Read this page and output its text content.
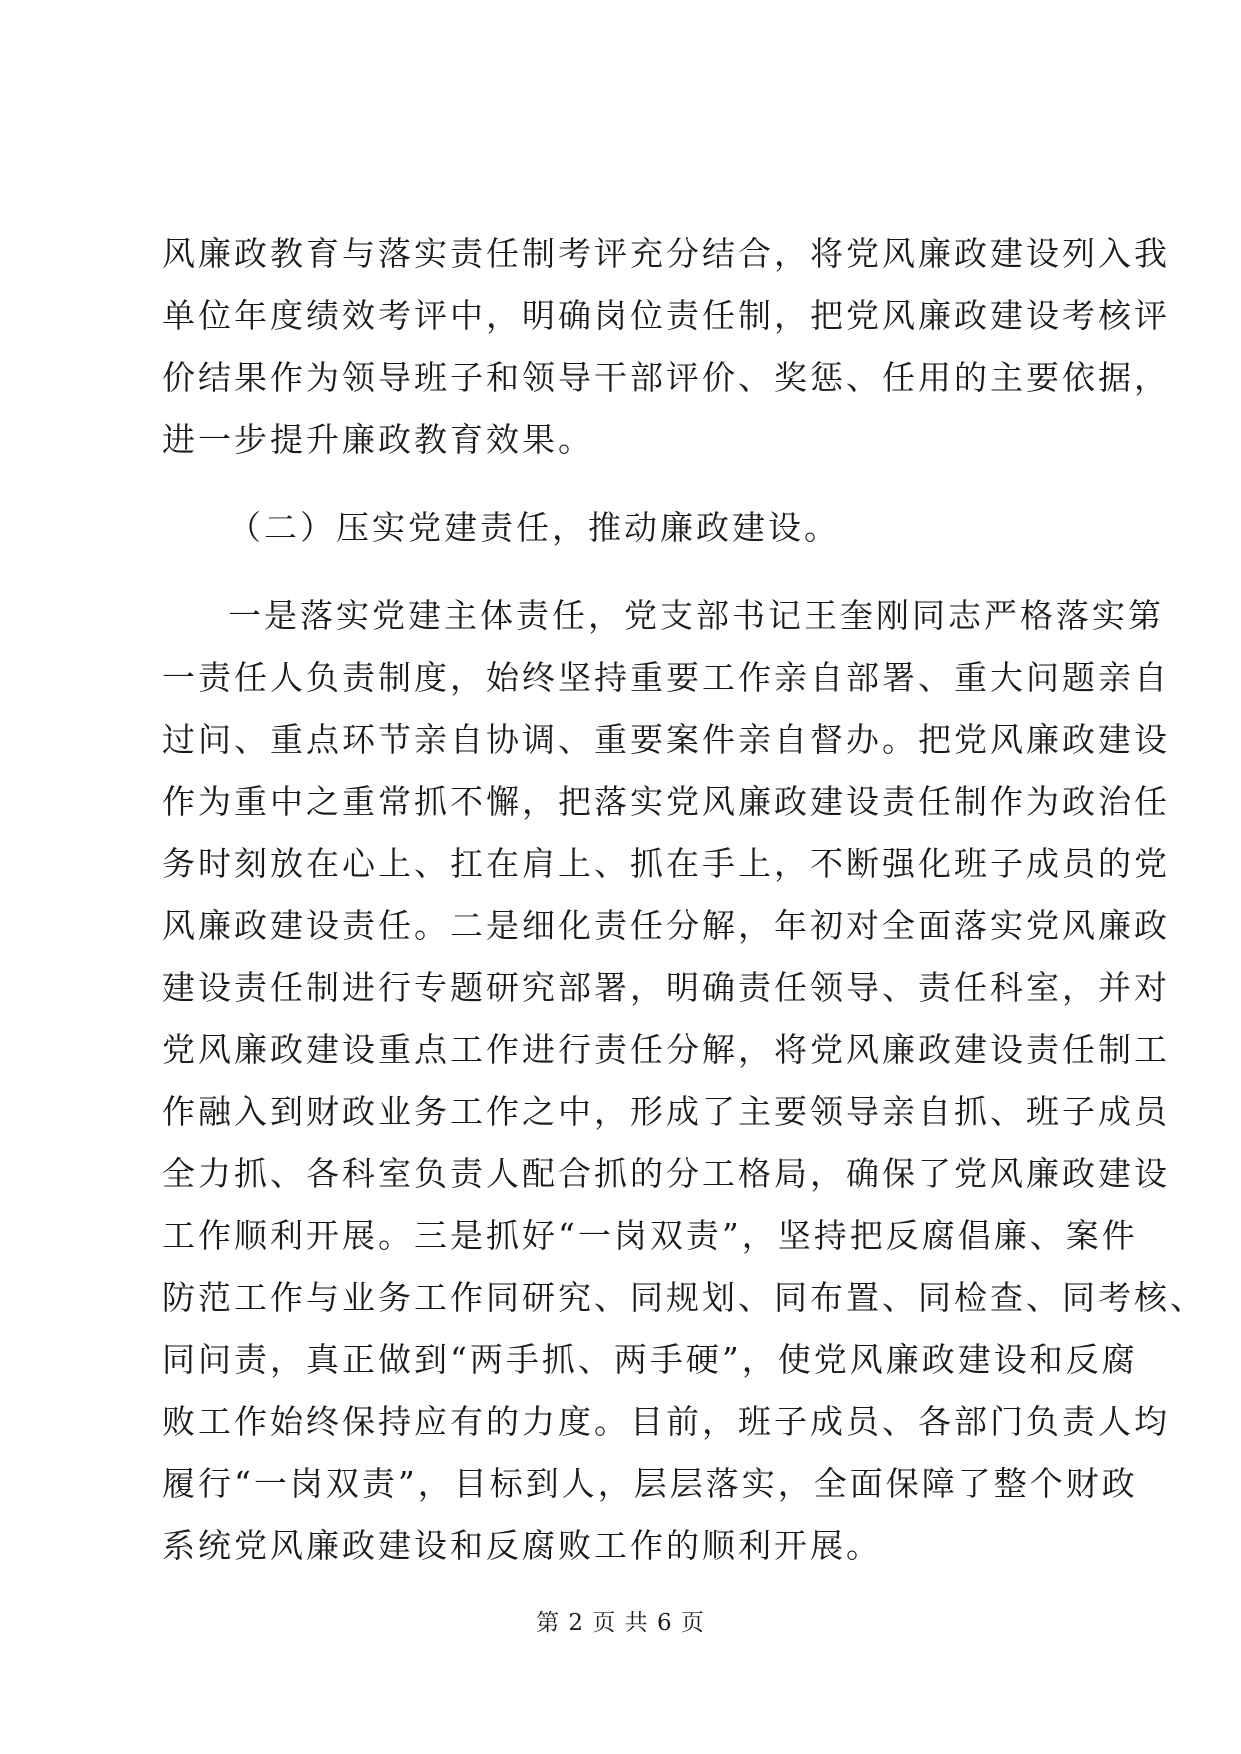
风廉政教育与落实责任制考评充分结合，将党风廉政建设列入我
单位年度绩效考评中，明确岗位责任制，把党风廉政建设考核评
价结果作为领导班子和领导干部评价、奖惩、任用的主要依据，
进一步提升廉政教育效果。
（二）压实党建责任，推动廉政建设。
一是落实党建主体责任，党支部书记王奎刚同志严格落实第
一责任人负责制度，始终坚持重要工作亲自部署、重大问题亲自
过问、重点环节亲自协调、重要案件亲自督办。把党风廉政建设
作为重中之重常抓不懈，把落实党风廉政建设责任制作为政治任
务时刻放在心上、扛在肩上、抓在手上，不断强化班子成员的党
风廉政建设责任。二是细化责任分解，年初对全面落实党风廉政
建设责任制进行专题研究部署，明确责任领导、责任科室，并对
党风廉政建设重点工作进行责任分解，将党风廉政建设责任制工
作融入到财政业务工作之中，形成了主要领导亲自抓、班子成员
全力抓、各科室负责人配合抓的分工格局，确保了党风廉政建设
工作顺利开展。三是抓好“一岗双责”，坚持把反腐倡廉、案件
防范工作与业务工作同研究、同规划、同布置、同检查、同考核、
同问责，真正做到“两手抓、两手硬”，使党风廉政建设和反腐
败工作始终保持应有的力度。目前，班子成员、各部门负责人均
履行“一岗双责”，目标到人，层层落实，全面保障了整个财政
系统党风廉政建设和反腐败工作的顺利开展。
第 2 页 共 6 页
